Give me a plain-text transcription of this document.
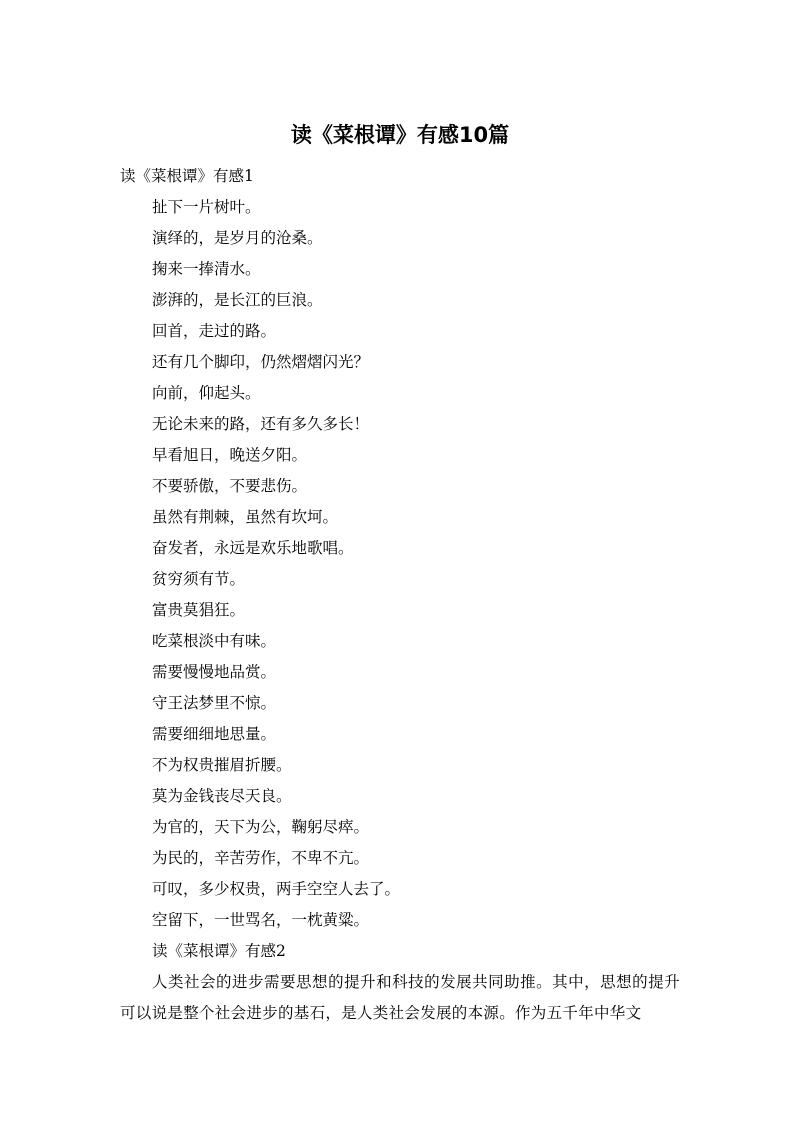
读《菜根谭》有感10篇

读《菜根谭》有感1

扯下一片树叶。

演绎的，是岁月的沧桑。

掬来一捧清水。

澎湃的，是长江的巨浪。

回首，走过的路。

还有几个脚印，仍然熠熠闪光？

向前，仰起头。

无论未来的路，还有多久多长！

早看旭日，晚送夕阳。

不要骄傲，不要悲伤。

虽然有荆棘，虽然有坎坷。

奋发者，永远是欢乐地歌唱。

贫穷须有节。

富贵莫猖狂。

吃菜根淡中有味。

需要慢慢地品赏。

守王法梦里不惊。

需要细细地思量。

不为权贵摧眉折腰。

莫为金钱丧尽天良。

为官的，天下为公，鞠躬尽瘁。

为民的，辛苦劳作，不卑不亢。

可叹，多少权贵，两手空空人去了。

空留下，一世骂名，一枕黄粱。

读《菜根谭》有感2

人类社会的进步需要思想的提升和科技的发展共同助推。其中，思想的提升可以说是整个社会进步的基石，是人类社会发展的本源。作为五千年中华文
